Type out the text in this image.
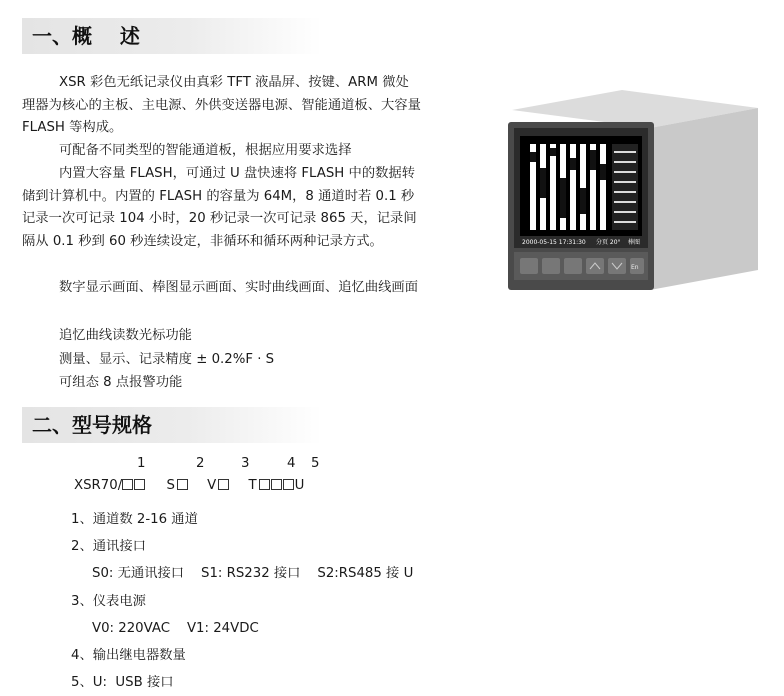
一、概    述

XSR 彩色无纸记录仪由真彩 TFT 液晶屏、按键、ARM 微处理器为核心的主板、主电源、外供变送器电源、智能通道板、大容量 FLASH 等构成。

可配备不同类型的智能通道板，根据应用要求选择

内置大容量 FLASH，可通过 U 盘快速将 FLASH 中的数据转储到计算机中。内置的 FLASH 的容量为 64M，8 通道时若 0.1 秒记录一次可记录 104 小时，20 秒记录一次可记录 865 天，记录间隔从 0.1 秒到 60 秒连续设定，非循环和循环两种记录方式。

数字显示画面、棒图显示画面、实时曲线画面、追忆曲线画面

追忆曲线读数光标功能
测量、显示、记录精度 ± 0.2%F · S
可组态 8 点报警功能
2000-05-15 17:31:30 分页 20° 棒图
En
二、型号规格
1	2	3	4 5
XSR70/	S V T	U
1、通道数 2-16 通道
2、通讯接口
S0: 无通讯接口    S1: RS232 接口    S2:RS485 接 U
3、仪表电源
V0: 220VAC    V1: 24VDC
4、输出继电器数量
5、U:  USB 接口
